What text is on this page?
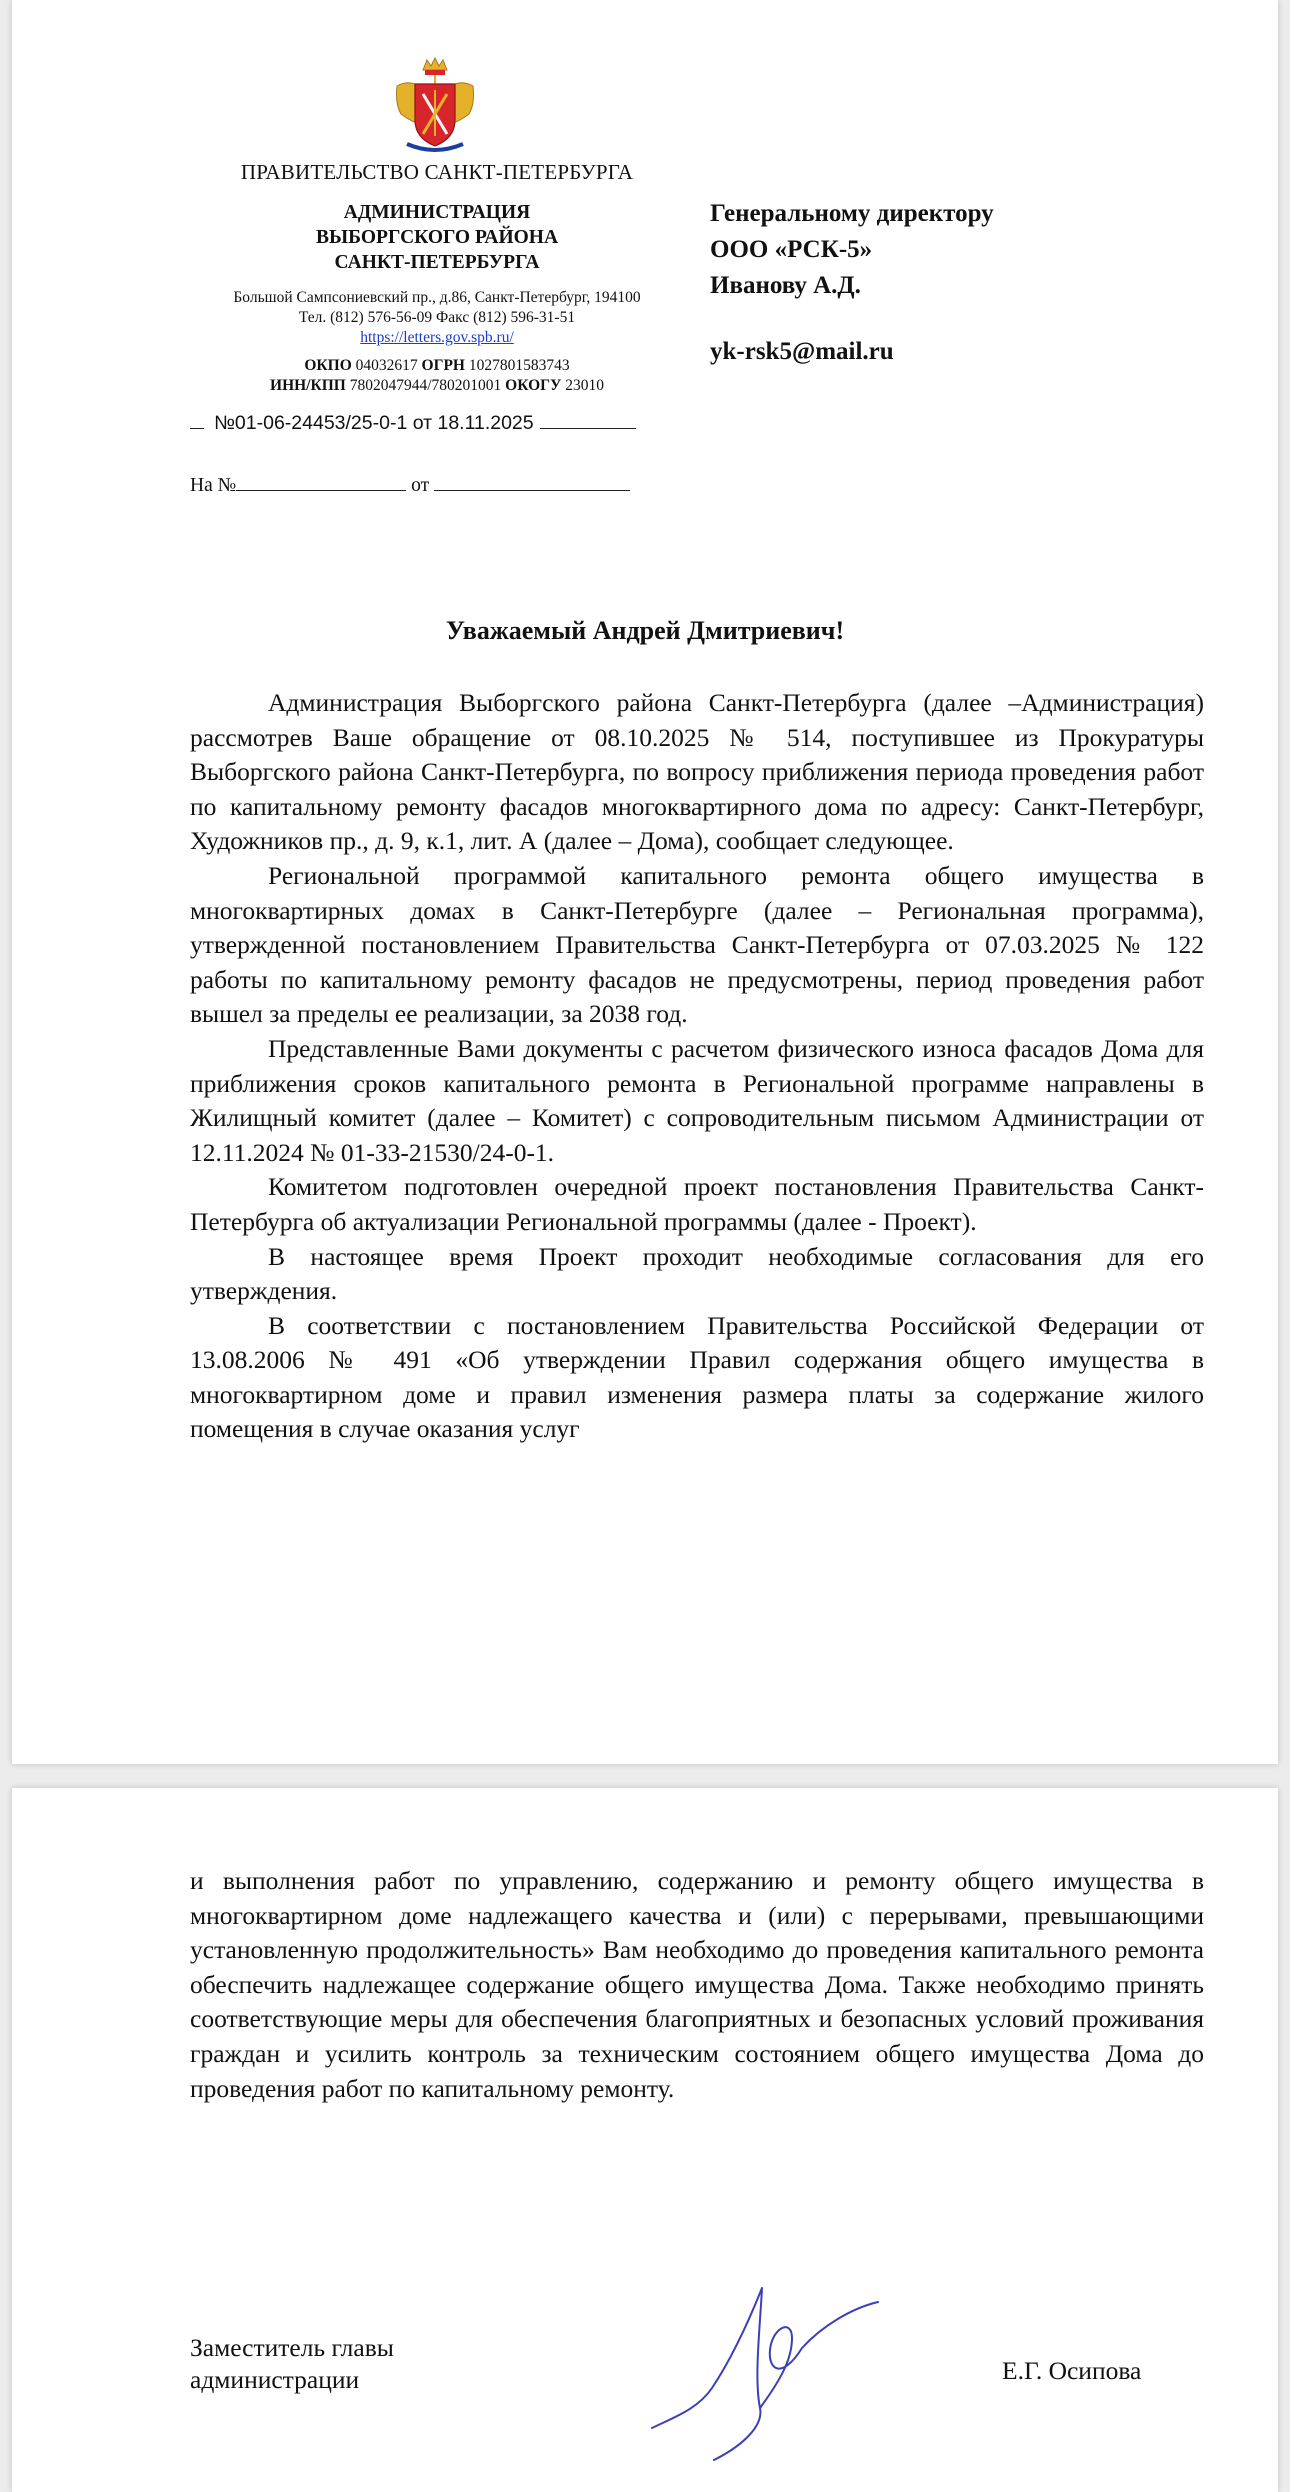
ПРАВИТЕЛЬСТВО САНКТ-ПЕТЕРБУРГА
АДМИНИСТРАЦИЯ
ВЫБОРГСКОГО РАЙОНА
САНКТ-ПЕТЕРБУРГА
Большой Сампсониевский пр., д.86, Санкт-Петербург, 194100
Тел. (812) 576-56-09 Факс (812) 596-31-51
https://letters.gov.spb.ru/
ОКПО 04032617 ОГРН 1027801583743
ИНН/КПП 7802047944/780201001 ОКОГУ 23010
№01-06-24453/25-0-1 от 18.11.2025
На №	от
Генеральному директору
ООО «РСК-5»
Иванову А.Д.
yk-rsk5@mail.ru
Уважаемый Андрей Дмитриевич!

Администрация Выборгского района Санкт-Петербурга (далее –Администрация) рассмотрев Ваше обращение от 08.10.2025 № 514, поступившее из Прокуратуры Выборгского района Санкт-Петербурга, по вопросу приближения периода проведения работ по капитальному ремонту фасадов многоквартирного дома по адресу: Санкт-Петербург, Художников пр., д. 9, к.1, лит. А (далее – Дома), сообщает следующее.

Региональной программой капитального ремонта общего имущества в многоквартирных домах в Санкт-Петербурге (далее – Региональная программа), утвержденной постановлением Правительства Санкт-Петербурга от 07.03.2025 № 122 работы по капитальному ремонту фасадов не предусмотрены, период проведения работ вышел за пределы ее реализации, за 2038 год.

Представленные Вами документы с расчетом физического износа фасадов Дома для приближения сроков капитального ремонта в Региональной программе направлены в Жилищный комитет (далее – Комитет) с сопроводительным письмом Администрации от 12.11.2024 № 01-33-21530/24-0-1.

Комитетом подготовлен очередной проект постановления Правительства Санкт-Петербурга об актуализации Региональной программы (далее - Проект).

В настоящее время Проект проходит необходимые согласования для его утверждения.

В соответствии с постановлением Правительства Российской Федерации от 13.08.2006 № 491 «Об утверждении Правил содержания общего имущества в многоквартирном доме и правил изменения размера платы за содержание жилого помещения в случае оказания услуг

и выполнения работ по управлению, содержанию и ремонту общего имущества в многоквартирном доме надлежащего качества и (или) с перерывами, превышающими установленную продолжительность» Вам необходимо до проведения капитального ремонта обеспечить надлежащее содержание общего имущества Дома. Также необходимо принять соответствующие меры для обеспечения благоприятных и безопасных условий проживания граждан и усилить контроль за техническим состоянием общего имущества Дома до проведения работ по капитальному ремонту.

Заместитель главы
администрации	Е.Г. Осипова
